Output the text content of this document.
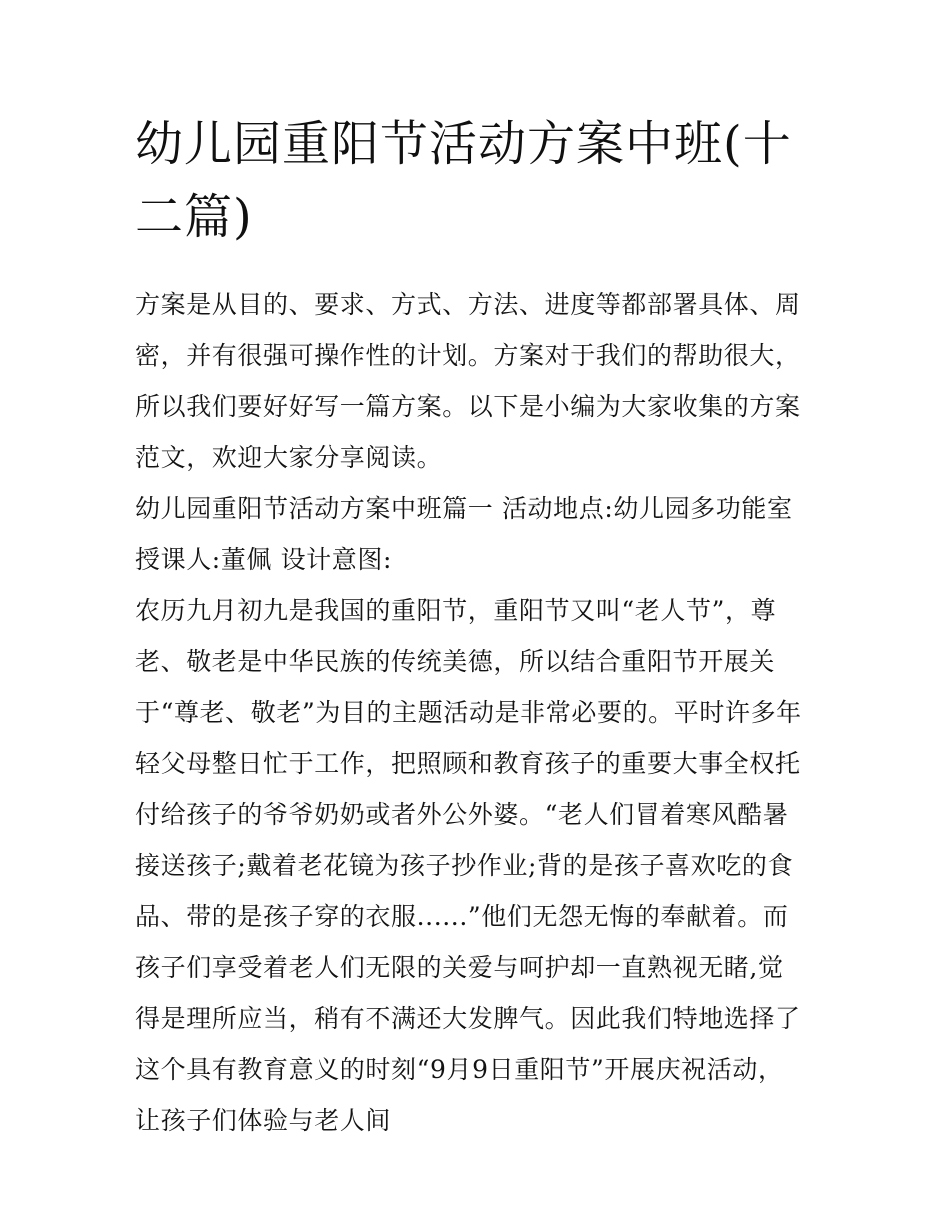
幼儿园重阳节活动方案中班(十二篇)

方案是从目的、要求、方式、方法、进度等都部署具体、周密，并有很强可操作性的计划。方案对于我们的帮助很大，所以我们要好好写一篇方案。以下是小编为大家收集的方案范文，欢迎大家分享阅读。

幼儿园重阳节活动方案中班篇一 活动地点:幼儿园多功能室 授课人:董佩 设计意图:

农历九月初九是我国的重阳节，重阳节又叫“老人节”，尊老、敬老是中华民族的传统美德，所以结合重阳节开展关于“尊老、敬老”为目的主题活动是非常必要的。平时许多年轻父母整日忙于工作，把照顾和教育孩子的重要大事全权托付给孩子的爷爷奶奶或者外公外婆。“老人们冒着寒风酷暑接送孩子;戴着老花镜为孩子抄作业;背的是孩子喜欢吃的食品、带的是孩子穿的衣服......”他们无怨无悔的奉献着。而孩子们享受着老人们无限的关爱与呵护却一直熟视无睹,觉得是理所应当，稍有不满还大发脾气。因此我们特地选择了这个具有教育意义的时刻“9月9日重阳节”开展庆祝活动，让孩子们体验与老人间
